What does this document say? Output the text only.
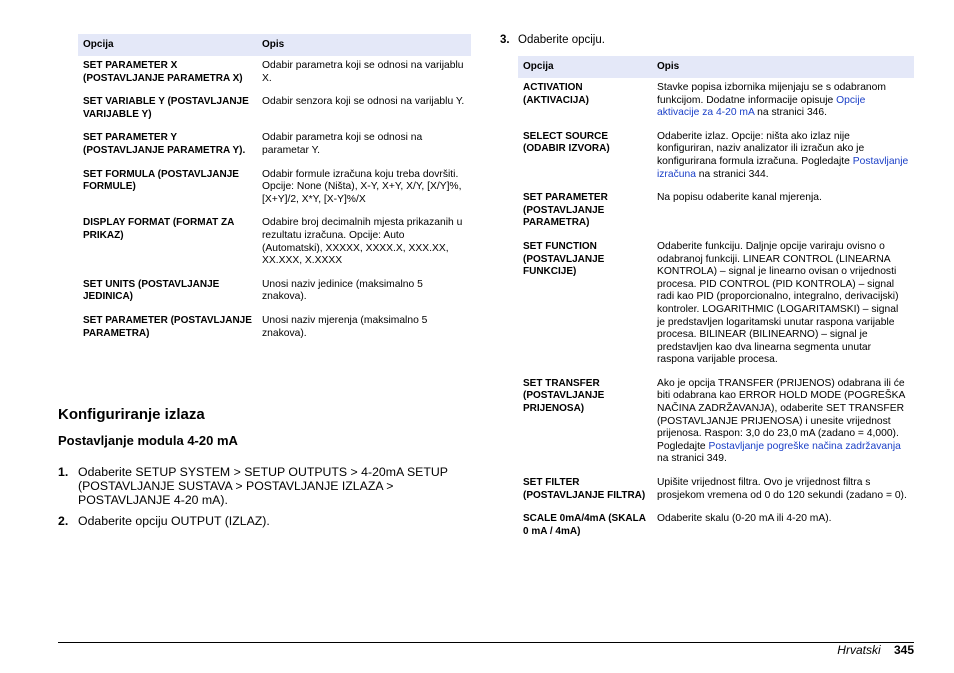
Opcija	Opis
SET PARAMETER X (POSTAVLJANJE PARAMETRA X)	Odabir parametra koji se odnosi na varijablu X.
SET VARIABLE Y (POSTAVLJANJE VARIJABLE Y)	Odabir senzora koji se odnosi na varijablu Y.
SET PARAMETER Y (POSTAVLJANJE PARAMETRA Y).	Odabir parametra koji se odnosi na parametar Y.
SET FORMULA (POSTAVLJANJE FORMULE)	Odabir formule izračuna koju treba dovršiti. Opcije: None (Ništa), X-Y, X+Y, X/Y, [X/Y]%, [X+Y]/2, X*Y, [X-Y]%/X
DISPLAY FORMAT (FORMAT ZA PRIKAZ)	Odabire broj decimalnih mjesta prikazanih u rezultatu izračuna. Opcije: Auto (Automatski), XXXXX, XXXX.X, XXX.XX, XX.XXX, X.XXXX
SET UNITS (POSTAVLJANJE JEDINICA)	Unosi naziv jedinice (maksimalno 5 znakova).
SET PARAMETER (POSTAVLJANJE PARAMETRA)	Unosi naziv mjerenja (maksimalno 5 znakova).
Konfiguriranje izlaza
Postavljanje modula 4-20 mA
1. Odaberite SETUP SYSTEM > SETUP OUTPUTS > 4-20mA SETUP (POSTAVLJANJE SUSTAVA > POSTAVLJANJE IZLAZA > POSTAVLJANJE 4-20 mA).
2. Odaberite opciju OUTPUT (IZLAZ).
3. Odaberite opciju.
Opcija	Opis
ACTIVATION (AKTIVACIJA)	Stavke popisa izbornika mijenjaju se s odabranom funkcijom. Dodatne informacije opisuje Opcije aktivacije za 4-20 mA na stranici 346.
SELECT SOURCE (ODABIR IZVORA)	Odaberite izlaz. Opcije: ništa ako izlaz nije konfiguriran, naziv analizator ili izračun ako je konfigurirana formula izračuna. Pogledajte Postavljanje izračuna na stranici 344.
SET PARAMETER (POSTAVLJANJE PARAMETRA)	Na popisu odaberite kanal mjerenja.
SET FUNCTION (POSTAVLJANJE FUNKCIJE)	Odaberite funkciju. Daljnje opcije variraju ovisno o odabranoj funkciji. LINEAR CONTROL (LINEARNA KONTROLA) – signal je linearno ovisan o vrijednosti procesa. PID CONTROL (PID KONTROLA) – signal radi kao PID (proporcionalno, integralno, derivacijski) kontroler. LOGARITHMIC (LOGARITAMSKI) – signal je predstavljen logaritamski unutar raspona varijable procesa. BILINEAR (BILINEARNO) – signal je predstavljen kao dva linearna segmenta unutar raspona varijable procesa.
SET TRANSFER (POSTAVLJANJE PRIJENOSA)	Ako je opcija TRANSFER (PRIJENOS) odabrana ili će biti odabrana kao ERROR HOLD MODE (POGREŠKA NAČINA ZADRŽAVANJA), odaberite SET TRANSFER (POSTAVLJANJE PRIJENOSA) i unesite vrijednost prijenosa. Raspon: 3,0 do 23,0 mA (zadano = 4,000). Pogledajte Postavljanje pogreške načina zadržavanja na stranici 349.
SET FILTER (POSTAVLJANJE FILTRA)	Upišite vrijednost filtra. Ovo je vrijednost filtra s prosjekom vremena od 0 do 120 sekundi (zadano = 0).
SCALE 0mA/4mA (SKALA 0 mA / 4mA)	Odaberite skalu (0-20 mA ili 4-20 mA).
Hrvatski 345
